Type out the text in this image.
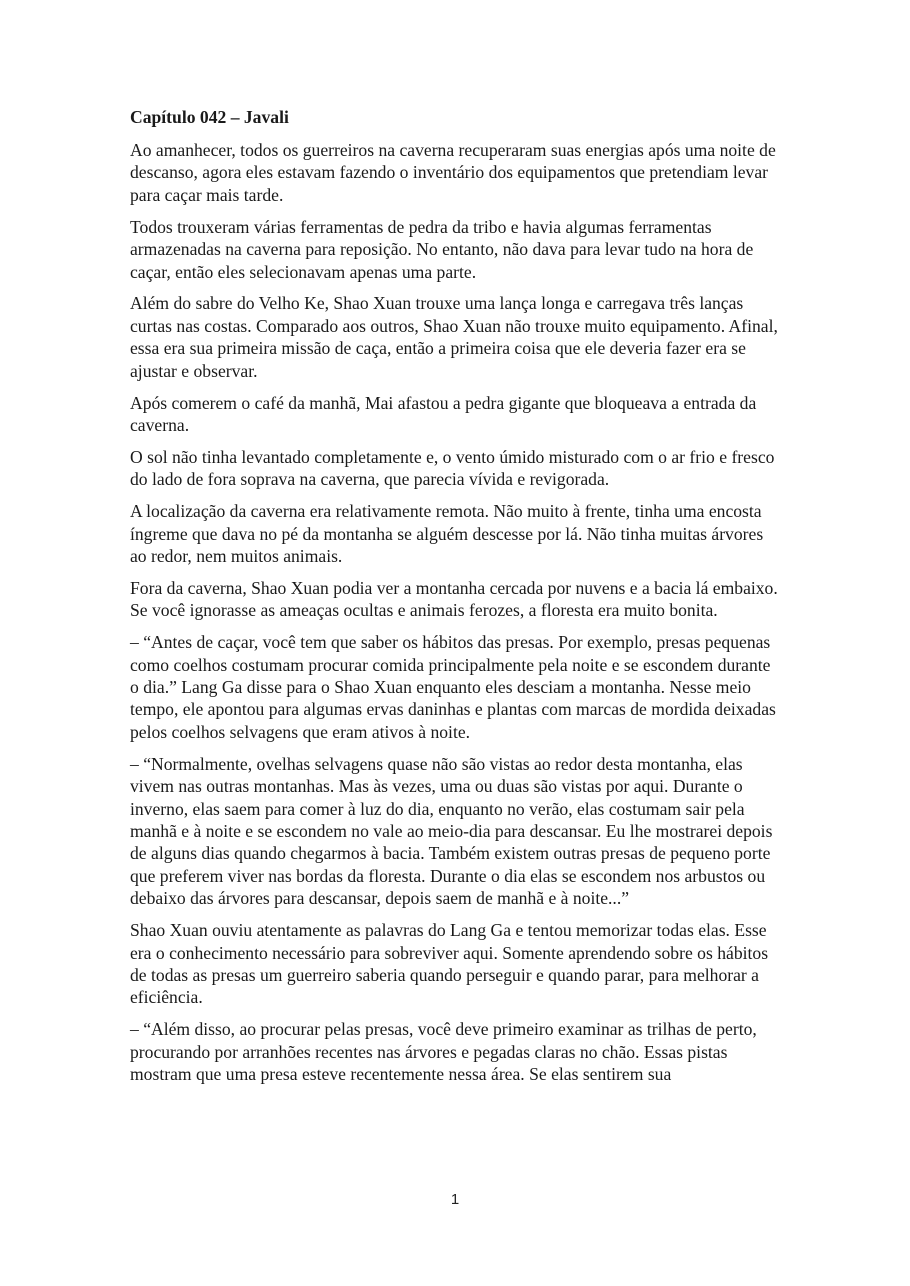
Capítulo 042 – Javali

Ao amanhecer, todos os guerreiros na caverna recuperaram suas energias após uma noite de descanso, agora eles estavam fazendo o inventário dos equipamentos que pretendiam levar para caçar mais tarde.

Todos trouxeram várias ferramentas de pedra da tribo e havia algumas ferramentas armazenadas na caverna para reposição. No entanto, não dava para levar tudo na hora de caçar, então eles selecionavam apenas uma parte.

Além do sabre do Velho Ke, Shao Xuan trouxe uma lança longa e carregava três lanças curtas nas costas. Comparado aos outros, Shao Xuan não trouxe muito equipamento. Afinal, essa era sua primeira missão de caça, então a primeira coisa que ele deveria fazer era se ajustar e observar.

Após comerem o café da manhã, Mai afastou a pedra gigante que bloqueava a entrada da caverna.

O sol não tinha levantado completamente e, o vento úmido misturado com o ar frio e fresco do lado de fora soprava na caverna, que parecia vívida e revigorada.

A localização da caverna era relativamente remota. Não muito à frente, tinha uma encosta íngreme que dava no pé da montanha se alguém descesse por lá. Não tinha muitas árvores ao redor, nem muitos animais.

Fora da caverna, Shao Xuan podia ver a montanha cercada por nuvens e a bacia lá embaixo. Se você ignorasse as ameaças ocultas e animais ferozes, a floresta era muito bonita.

– “Antes de caçar, você tem que saber os hábitos das presas. Por exemplo, presas pequenas como coelhos costumam procurar comida principalmente pela noite e se escondem durante o dia.” Lang Ga disse para o Shao Xuan enquanto eles desciam a montanha. Nesse meio tempo, ele apontou para algumas ervas daninhas e plantas com marcas de mordida deixadas pelos coelhos selvagens que eram ativos à noite.

– “Normalmente, ovelhas selvagens quase não são vistas ao redor desta montanha, elas vivem nas outras montanhas. Mas às vezes, uma ou duas são vistas por aqui. Durante o inverno, elas saem para comer à luz do dia, enquanto no verão, elas costumam sair pela manhã e à noite e se escondem no vale ao meio-dia para descansar. Eu lhe mostrarei depois de alguns dias quando chegarmos à bacia. Também existem outras presas de pequeno porte que preferem viver nas bordas da floresta. Durante o dia elas se escondem nos arbustos ou debaixo das árvores para descansar, depois saem de manhã e à noite...”

Shao Xuan ouviu atentamente as palavras do Lang Ga e tentou memorizar todas elas. Esse era o conhecimento necessário para sobreviver aqui. Somente aprendendo sobre os hábitos de todas as presas um guerreiro saberia quando perseguir e quando parar, para melhorar a eficiência.

– “Além disso, ao procurar pelas presas, você deve primeiro examinar as trilhas de perto, procurando por arranhões recentes nas árvores e pegadas claras no chão. Essas pistas mostram que uma presa esteve recentemente nessa área. Se elas sentirem sua

1
